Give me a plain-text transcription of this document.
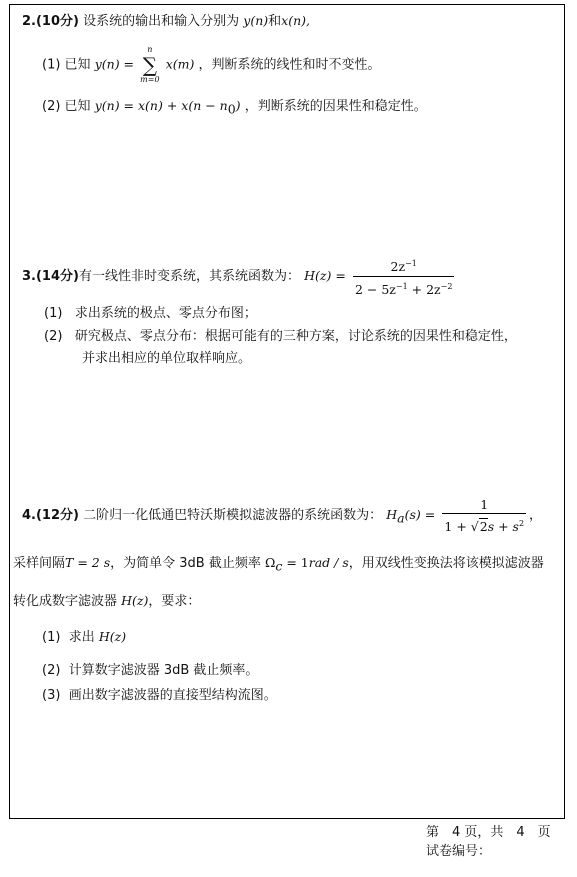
2.(10分) 设系统的输出和输入分别为 y(n)和x(n),
(1) 已知 y(n) =
n
∑
m=0
x(m) ，判断系统的线性和时不变性。
(2) 已知 $y(n) = x(n) + x(n - n_0)$ ，判断系统的因果性和稳定性。
3.(14分)有一线性非时变系统，其系统函数为： $H(z) = \frac{2z^{-1}}{2 - 5z^{-1} + 2z^{-2}}$
(1) 求出系统的极点、零点分布图；
(2) 研究极点、零点分布：根据可能有的三种方案，讨论系统的因果性和稳定性，
并求出相应的单位取样响应。
4.(12分) 二阶归一化低通巴特沃斯模拟滤波器的系统函数为： $H_a(s) = \frac{1}{1 + √2s + s^2}$ ，
采样间隔T = 2 s，为简单令 3dB 截止频率 $\Omega_c = 1rad / s$，用双线性变换法将该模拟滤波器
转化成数字滤波器 H(z)，要求：
(1) 求出 H(z)
(2) 计算数字滤波器 3dB 截止频率。
(3) 画出数字滤波器的直接型结构流图。
第　4 页，共　4　页
试卷编号：
